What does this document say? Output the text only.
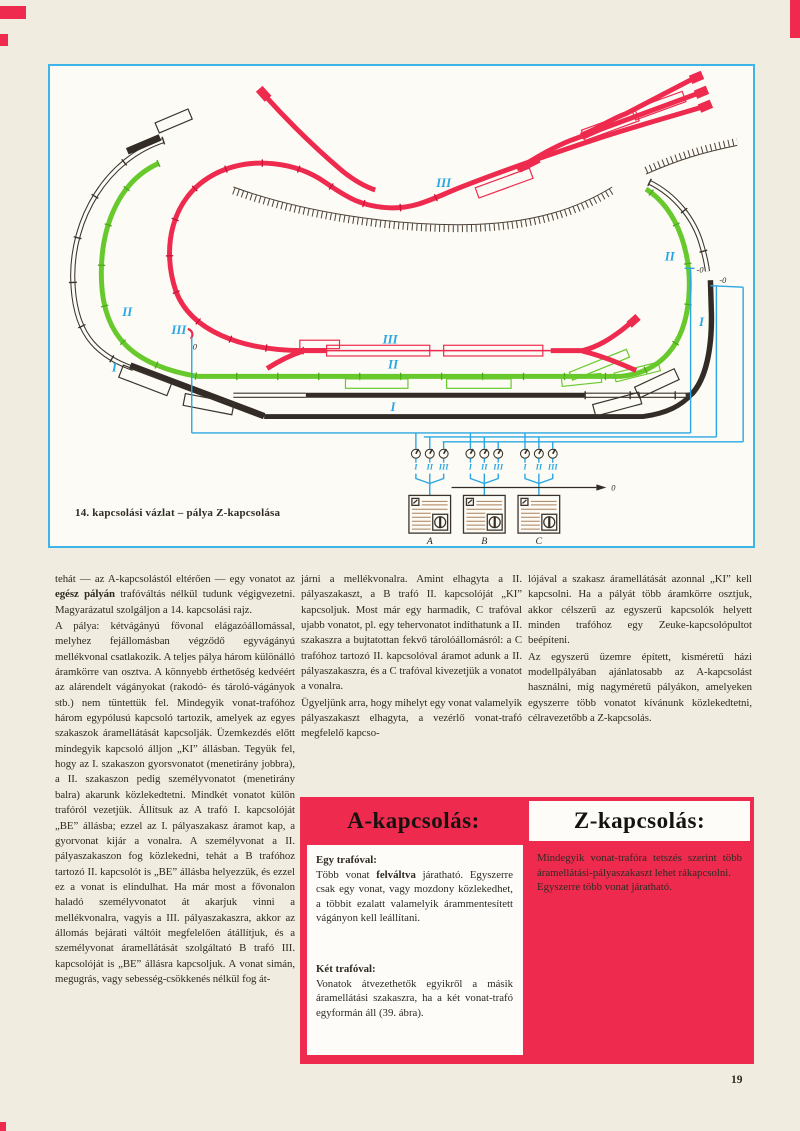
II
I
III
0
III
II
I
III
II
I
-0
-0
0
I II III I II III I II III
A	B	C
14. kapcsolási vázlat – pálya Z-kapcsolása

tehát — az A-kapcsolástól eltérően — egy vonatot az egész pályán trafóváltás nélkül tudunk végigvezetni. Magyarázatul szolgáljon a 14. kapcsolási rajz.

A pálya: kétvágányú fővonal elágazóállomással, melyhez fejállomásban végződő egyvágányú mellékvonal csatlakozik. A teljes pálya három különálló áramkörre van osztva. A könnyebb érthetőség kedvéért az alárendelt vágányokat (rakodó- és tároló-vágányok stb.) nem tüntettük fel. Mindegyik vonat-trafóhoz három egypólusú kapcsoló tartozik, amelyek az egyes szakaszok áramellátását kapcsolják. Üzemkezdés előtt mindegyik kapcsoló álljon „KI” állásban. Tegyük fel, hogy az I. szakaszon gyorsvonatot (menetirány jobbra), a II. szakaszon pedig személyvonatot (menetirány balra) akarunk közlekedtetni. Mindkét vonatot külön trafóról vezetjük. Állítsuk az A trafó I. kapcsolóját „BE” állásba; ezzel az I. pályaszakasz áramot kap, a gyorvonat kijár a vonalra. A személyvonat a II. pályaszakaszon fog közlekedni, tehát a B trafóhoz tartozó II. kapcsolót is „BE” állásba helyezzük, és ezzel ez a vonat is elindulhat. Ha már most a fővonalon haladó személyvonatot át akarjuk vinni a mellékvonalra, vagyis a III. pályaszakaszra, akkor az állomás bejárati váltóit megfelelően átállítjuk, és a személyvonat áramellátását szolgáltató B trafó III. kapcsolóját is „BE” állásra kapcsoljuk. A vonat simán, megugrás, vagy sebesség-csökkenés nélkül fog át-

járni a mellékvonalra. Amint elhagyta a II. pályaszakaszt, a B trafó II. kapcsolóját „KI” kapcsoljuk. Most már egy harmadik, C trafóval ujabb vonatot, pl. egy tehervonatot indíthatunk a II. szakaszra a bujtatottan fekvő tárolóállomásról: a C trafóhoz tartozó II. kapcsolóval áramot adunk a II. pályaszakaszra, és a C trafóval kivezetjük a vonatot a vonalra.

Ügyeljünk arra, hogy mihelyt egy vonat valamelyik pályaszakaszt elhagyta, a vezérlő vonat-trafó megfelelő kapcso-

lójával a szakasz áramellátását azonnal „KI” kell kapcsolni. Ha a pályát több áramkörre osztjuk, akkor célszerű az egyszerű kapcsolók helyett minden trafóhoz egy Zeuke-kapcsolópultot beépíteni.

Az egyszerű üzemre épített, kisméretű házi modellpályában ajánlatosabb az A-kapcsolást használni, míg nagyméretű pályákon, amelyeken egyszerre több vonatot kívánunk közlekedtetni, célravezetőbb a Z-kapcsolás.

A-kapcsolás:

Egy trafóval:

Több vonat felváltva járatható. Egyszerre csak egy vonat, vagy mozdony közlekedhet, a többit ezalatt valamelyik árammentesített vágányon kell leállítani.

Két trafóval:

Vonatok átvezethetők egyikről a másik áramellátási szakaszra, ha a két vonat-trafó egyformán áll (39. ábra).

Z-kapcsolás:

Mindegyik vonat-trafóra tetszés szerint több áramellátási-pályaszakaszt lehet rákapcsolni.

Egyszerre több vonat járatható.

19
